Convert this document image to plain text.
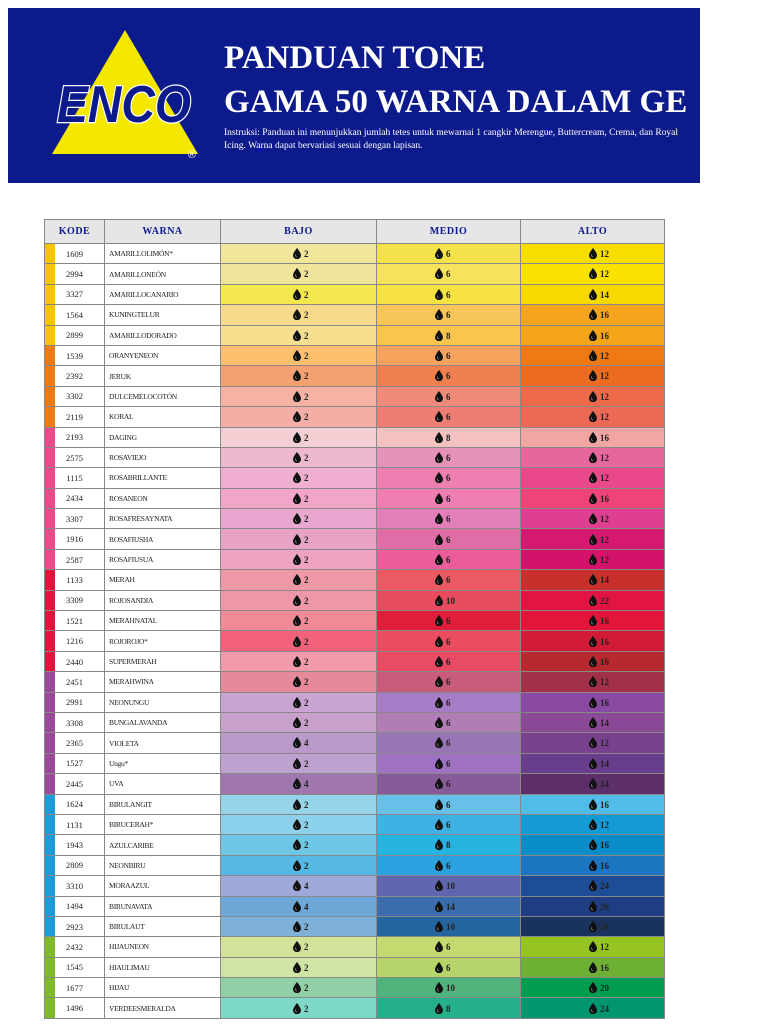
ENCO
®
PANDUAN TONE
GAMA 50 WARNA DALAM GE
Instruksi: Panduan ini menunjukkan jumlah tetes untuk mewarnai 1 cangkir Merengue, Buttercream, Crema, dan Royal Icing. Warna dapat bervariasi sesuai dengan lapisan.
KODE	WARNA	BAJO	MEDIO	ALTO

1609	AMARILLOLIMÓN*	2	6	12

2994	AMARILLONEÓN	2	6	12

3327	AMARILLOCANARIO	2	6	14

1564	KUNINGTELUR	2	6	16

2899	AMARILLODORADO	2	8	16

1539	ORANYENEON	2	6	12

2392	JERUK	2	6	12

3302	DULCEMELOCOTÓN	2	6	12

2119	KORAL	2	6	12

2193	DAGING	2	8	16

2575	ROSAVIEJO	2	6	12

1115	ROSABRILLANTE	2	6	12

2434	ROSANEON	2	6	16

3307	ROSAFRESAYNATA	2	6	12

1916	ROSAFIUSHA	2	6	12

2587	ROSAFIUSUA	2	6	12

1133	MERAH	2	6	14

3309	ROJOSANDIA	2	10	22

1521	MERAHNATAL	2	6	16

1216	ROJOROJO*	2	6	16

2440	SUPERMERAH	2	6	16

2451	MERAHWINA	2	6	12

2991	NEONUNGU	2	6	16

3308	BUNGALAVANDA	2	6	14

2365	VIOLETA	4	6	12

1527	Ungu*	2	6	14

2445	UVA	4	6	14

1624	BIRULANGIT	2	6	16

1131	BIRUCERAH*	2	6	12

1943	AZULCARIBE	2	8	16

2809	NEONBIRU	2	6	16

3310	MORAAZUL	4	10	24

1494	BIRUNAVATA	4	14	26

2923	BIRULAUT	2	10	20

2432	HIJAUNEON	2	6	12

1545	HIAULIMAU	2	6	16

1677	HIJAU	2	10	20

1496	VERDEESMERALDA	2	8	24
